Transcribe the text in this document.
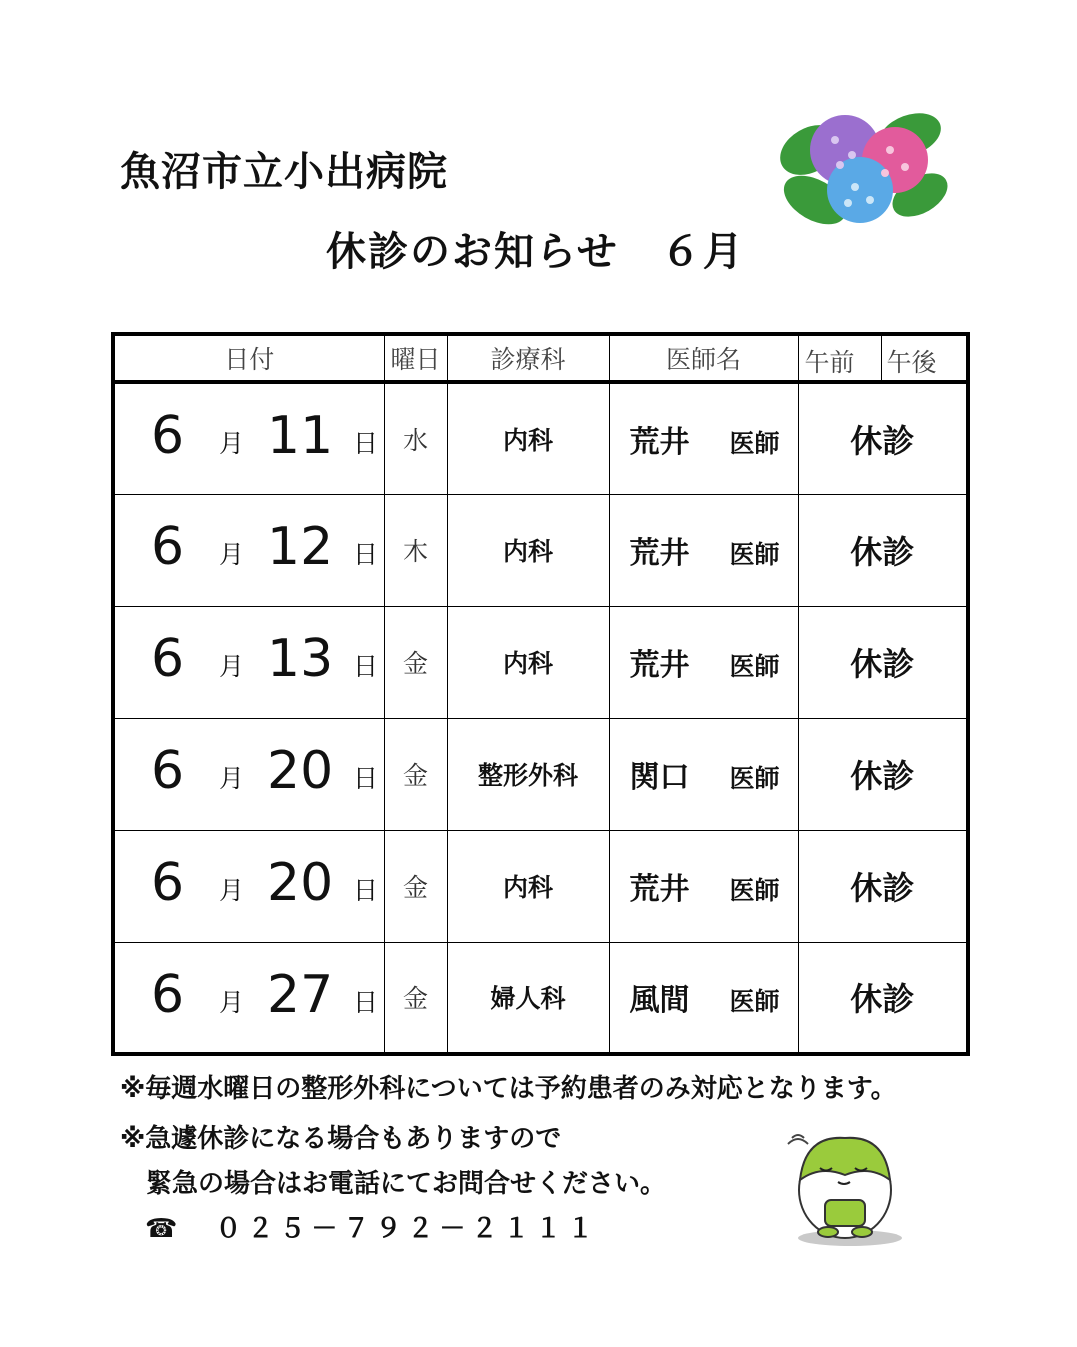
魚沼市立小出病院
休診のお知らせ　６月
日付	曜日	診療科	医師名	午前 午後

6 月 11 日	水	内科	荒井 医師	休診

6 月 12 日	木	内科	荒井 医師	休診

6 月 13 日	金	内科	荒井 医師	休診

6 月 20 日	金	整形外科	関口 医師	休診

6 月 20 日	金	内科	荒井 医師	休診

6 月 27 日	金	婦人科	風間 医師	休診
※毎週水曜日の整形外科については予約患者のみ対応となります。
※急遽休診になる場合もありますので
　緊急の場合はお電話にてお問合せください。
☎　０２５－７９２－２１１１
